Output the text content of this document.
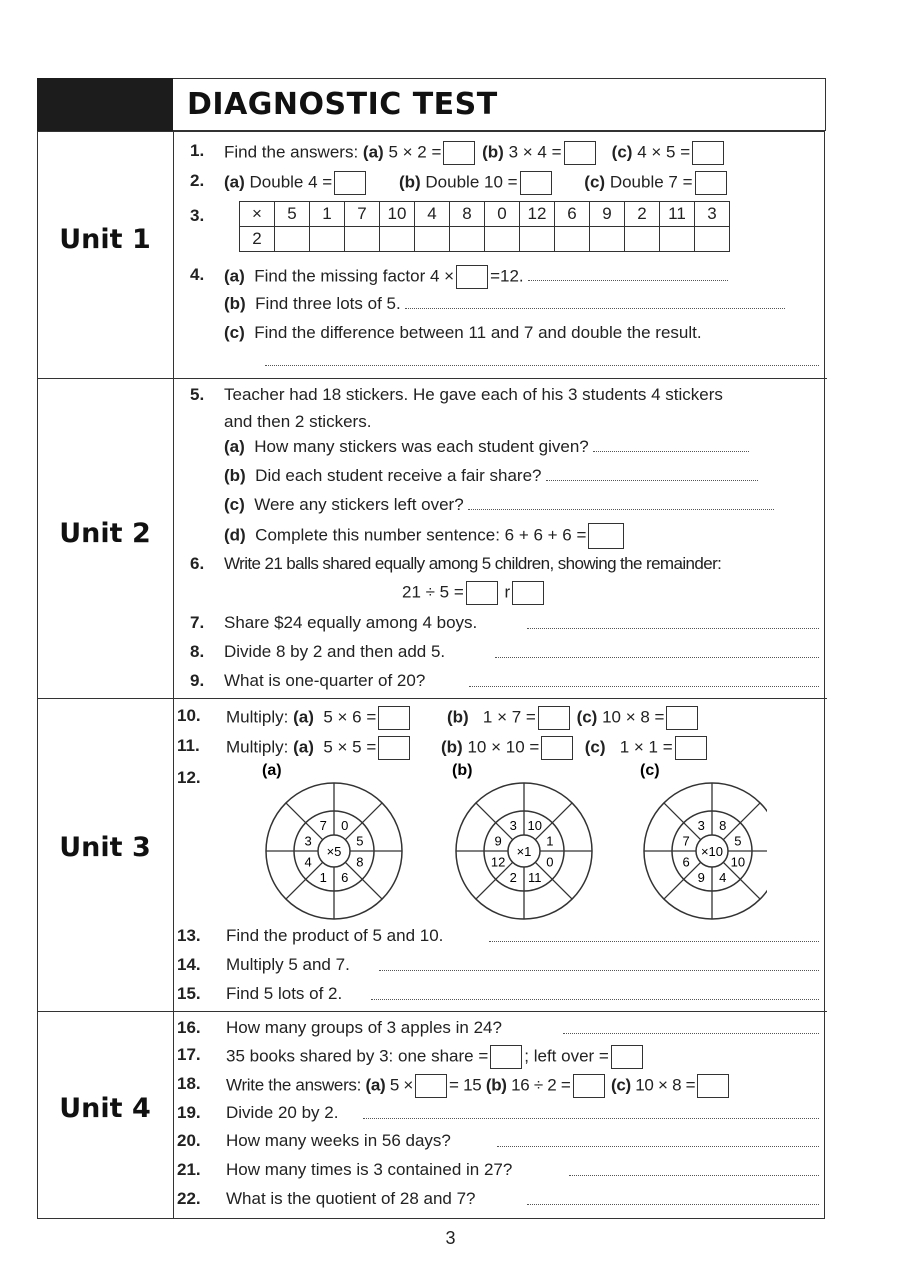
DIAGNOSTIC TEST
Unit 1
Unit 2
Unit 3
Unit 4
1. Find the answers: (a) 5 × 2 = (b) 3 × 4 =	(c) 4 × 5 =
2. (a) Double 4 =	(b) Double 10 =	(c) Double 7 =
3.	×	5	1	7	10	4	8	0	12	6	9	2	11	3
2													
4. (a) Find the missing factor 4 × =12.
(b) Find three lots of 5.
(c) Find the difference between 11 and 7 and double the result.
5. Teacher had 18 stickers. He gave each of his 3 students 4 stickers
and then 2 stickers.
(a) How many stickers was each student given?
(b) Did each student receive a fair share?
(c) Were any stickers left over?
(d) Complete this number sentence: 6 + 6 + 6 =
6. Write 21 balls shared equally among 5 children, showing the remainder:
21 ÷ 5 = r
7. Share $24 equally among 4 boys.
8. Divide 8 by 2 and then add 5.
9. What is one-quarter of 20?
10. Multiply: (a) 5 × 6 =	(b) 1 × 7 = (c) 10 × 8 =
11. Multiply: (a) 5 × 5 =	(b) 10 × 10 =	(c) 1 × 1 =
12.	(a)
×5
0
5
8
6
1
4
3
7
(b)
×1
10
1
0
11
2
12
9
3
(c)
×10
8
5
10
4
9
6
7
3
13. Find the product of 5 and 10.
14. Multiply 5 and 7.
15. Find 5 lots of 2.
16. How many groups of 3 apples in 24?
17. 35 books shared by 3: one share = ; left over =
18. Write the answers: (a) 5 × = 15 (b) 16 ÷ 2 = (c) 10 × 8 =
19. Divide 20 by 2.
20. How many weeks in 56 days?
21. How many times is 3 contained in 27?
22. What is the quotient of 28 and 7?
3
